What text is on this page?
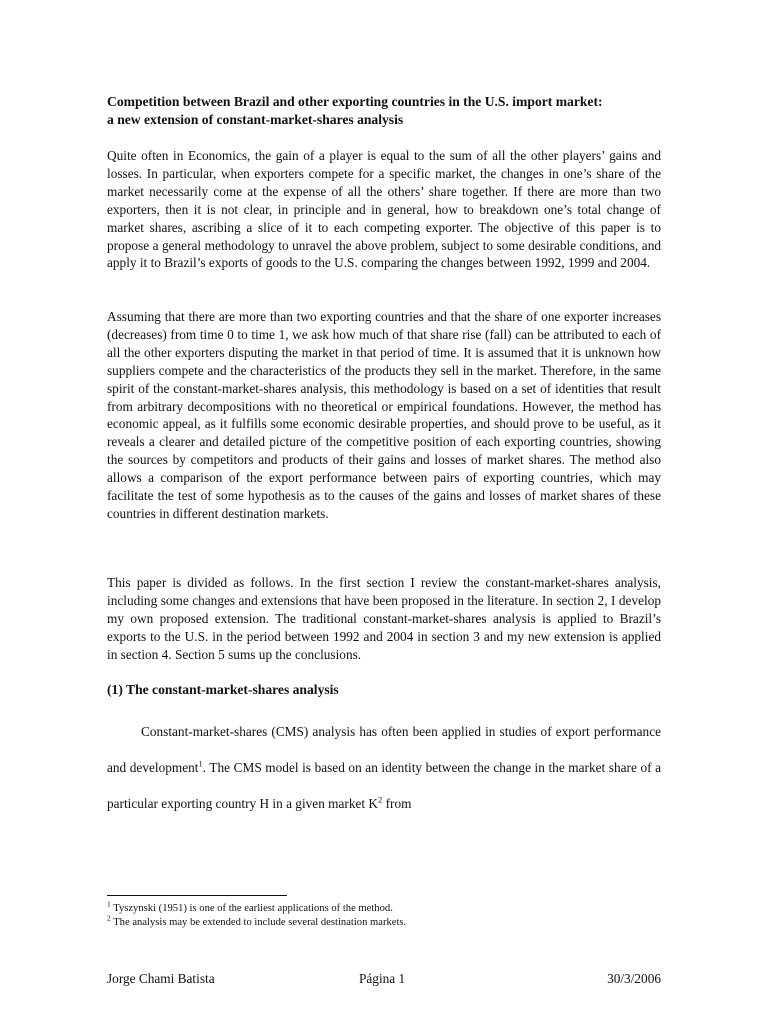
Competition between Brazil and other exporting countries in the U.S. import market:
a new extension of constant-market-shares analysis

Quite often in Economics, the gain of a player is equal to the sum of all the other players’ gains and losses. In particular, when exporters compete for a specific market, the changes in one’s share of the market necessarily come at the expense of all the others’ share together. If there are more than two exporters, then it is not clear, in principle and in general, how to breakdown one’s total change of market shares, ascribing a slice of it to each competing exporter. The objective of this paper is to propose a general methodology to unravel the above problem, subject to some desirable conditions, and apply it to Brazil’s exports of goods to the U.S. comparing the changes between 1992, 1999 and 2004.

Assuming that there are more than two exporting countries and that the share of one exporter increases (decreases) from time 0 to time 1, we ask how much of that share rise (fall) can be attributed to each of all the other exporters disputing the market in that period of time. It is assumed that it is unknown how suppliers compete and the characteristics of the products they sell in the market. Therefore, in the same spirit of the constant-market-shares analysis, this methodology is based on a set of identities that result from arbitrary decompositions with no theoretical or empirical foundations. However, the method has economic appeal, as it fulfills some economic desirable properties, and should prove to be useful, as it reveals a clearer and detailed picture of the competitive position of each exporting countries, showing the sources by competitors and products of their gains and losses of market shares. The method also allows a comparison of the export performance between pairs of exporting countries, which may facilitate the test of some hypothesis as to the causes of the gains and losses of market shares of these countries in different destination markets.

This paper is divided as follows. In the first section I review the constant-market-shares analysis, including some changes and extensions that have been proposed in the literature. In section 2, I develop my own proposed extension. The traditional constant-market-shares analysis is applied to Brazil’s exports to the U.S. in the period between 1992 and 2004 in section 3 and my new extension is applied in section 4. Section 5 sums up the conclusions.

(1) The constant-market-shares analysis

Constant-market-shares (CMS) analysis has often been applied in studies of export performance and development$^1$. The CMS model is based on an identity between the change in the market share of a particular exporting country H in a given market $K^2$ from

$^1$ Tyszynski (1951) is one of the earliest applications of the method.
$^2$ The analysis may be extended to include several destination markets.
Jorge Chami Batista	Página 1	30/3/2006
